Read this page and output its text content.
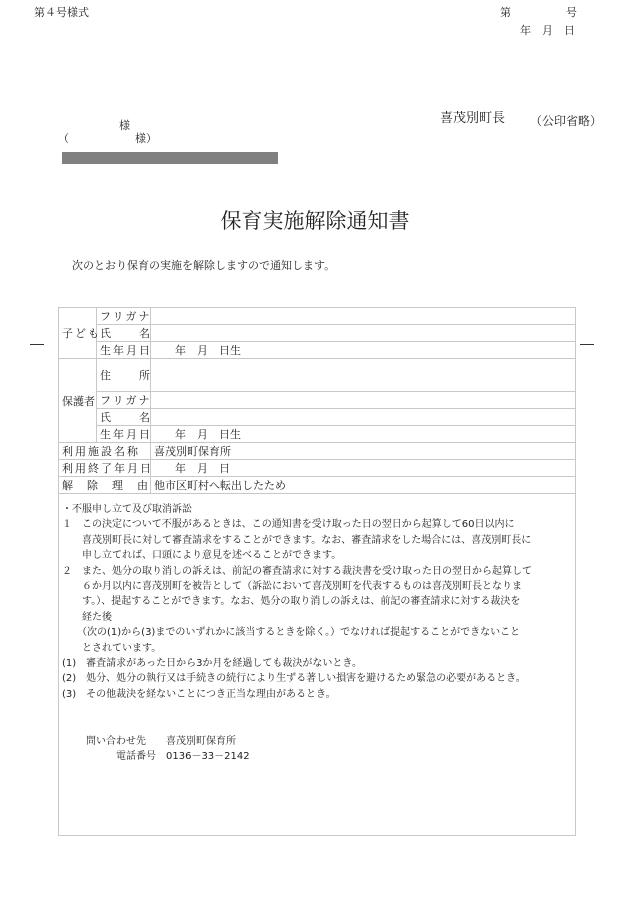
第４号様式	第　　　　　号
年　月　日
喜茂別町長 （公印省略）
様
（　　　　　　様）
保育実施解除通知書
次のとおり保育の実施を解除しますので通知します。
子ども	フリガナ	
	氏　　名	
	生年月日	年　月　日生
保護者	住　　所	
	フリガナ	
	氏　　名	
	生年月日	年　月　日生
利用施設名称		喜茂別町保育所
利用終了年月日		年　月　日
解除理由		他市区町村へ転出したため
・不服申し立て及び取消訴訟
１　この決定について不服があるときは、この通知書を受け取った日の翌日から起算して60日以内に
　　喜茂別町長に対して審査請求をすることができます。なお、審査請求をした場合には、喜茂別町長に
　　申し立てれば、口頭により意見を述べることができます。
２　また、処分の取り消しの訴えは、前記の審査請求に対する裁決書を受け取った日の翌日から起算して
　　６か月以内に喜茂別町を被告として（訴訟において喜茂別町を代表するものは喜茂別町長となりま
　　す。）、提起することができます。なお、処分の取り消しの訴えは、前記の審査請求に対する裁決を
　　経た後
　　（次の(1)から(3)までのいずれかに該当するときを除く。）でなければ提起することができないこと
　　とされています。
(1)　審査請求があった日から3か月を経過しても裁決がないとき。
(2)　処分、処分の執行又は手続きの続行により生ずる著しい損害を避けるため緊急の必要があるとき。
(3)　その他裁決を経ないことにつき正当な理由があるとき。
問い合わせ先　　 喜茂別町保育所
電話番号　 0136－33－2142
